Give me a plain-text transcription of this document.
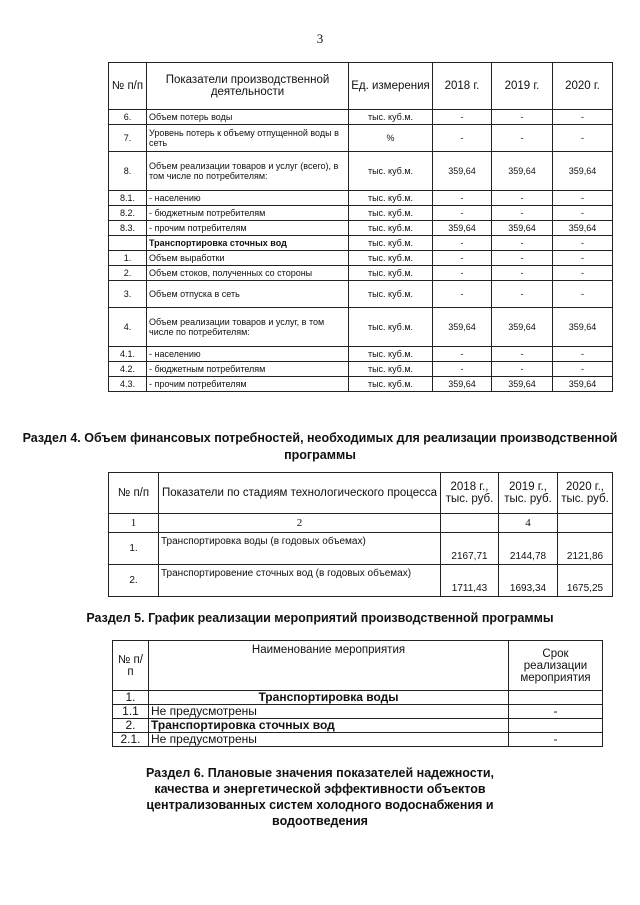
3
№ п/п	Показатели производственной деятельности	Ед. измерения	2018 г.	2019 г.	2020 г.
6.	Объем потерь воды	тыс. куб.м.	-	-	-
7.	Уровень потерь к объему отпущенной воды в сеть	%	-	-	-
8.	Объем реализации товаров и услуг (всего), в том числе по потребителям:	тыс. куб.м.	359,64	359,64	359,64
8.1.	- населению	тыс. куб.м.	-	-	-
8.2.	- бюджетным потребителям	тыс. куб.м.	-	-	-
8.3.	- прочим потребителям	тыс. куб.м.	359,64	359,64	359,64
	Транспортировка сточных вод	тыс. куб.м.	-	-	-
1.	Объем выработки	тыс. куб.м.	-	-	-
2.	Объем стоков, полученных со стороны	тыс. куб.м.	-	-	-
3.	Объем отпуска в сеть	тыс. куб.м.	-	-	-
4.	Объем реализации товаров и услуг, в том числе по потребителям:	тыс. куб.м.	359,64	359,64	359,64
4.1.	- населению	тыс. куб.м.	-	-	-
4.2.	- бюджетным потребителям	тыс. куб.м.	-	-	-
4.3.	- прочим потребителям	тыс. куб.м.	359,64	359,64	359,64
Раздел 4. Объем финансовых потребностей, необходимых для реализации производственной программы
№ п/п	Показатели по стадиям технологического процесса	2018 г., тыс. руб.	2019 г., тыс. руб.	2020 г., тыс. руб.
1	2		4	
1.	Транспортировка воды (в годовых объемах)	2167,71	2144,78	2121,86
2.	Транспортировение сточных вод (в годовых объемах)	1711,43	1693,34	1675,25
Раздел 5. График реализации мероприятий производственной программы
№ п/п	Наименование мероприятия	Срок реализации мероприятия
1.	Транспортировка воды	
1.1	Не предусмотрены	-
2.	Транспортировка сточных вод	
2.1.	Не предусмотрены	-
Раздел 6. Плановые значения показателей надежности, качества и энергетической эффективности объектов централизованных систем холодного водоснабжения и водоотведения
